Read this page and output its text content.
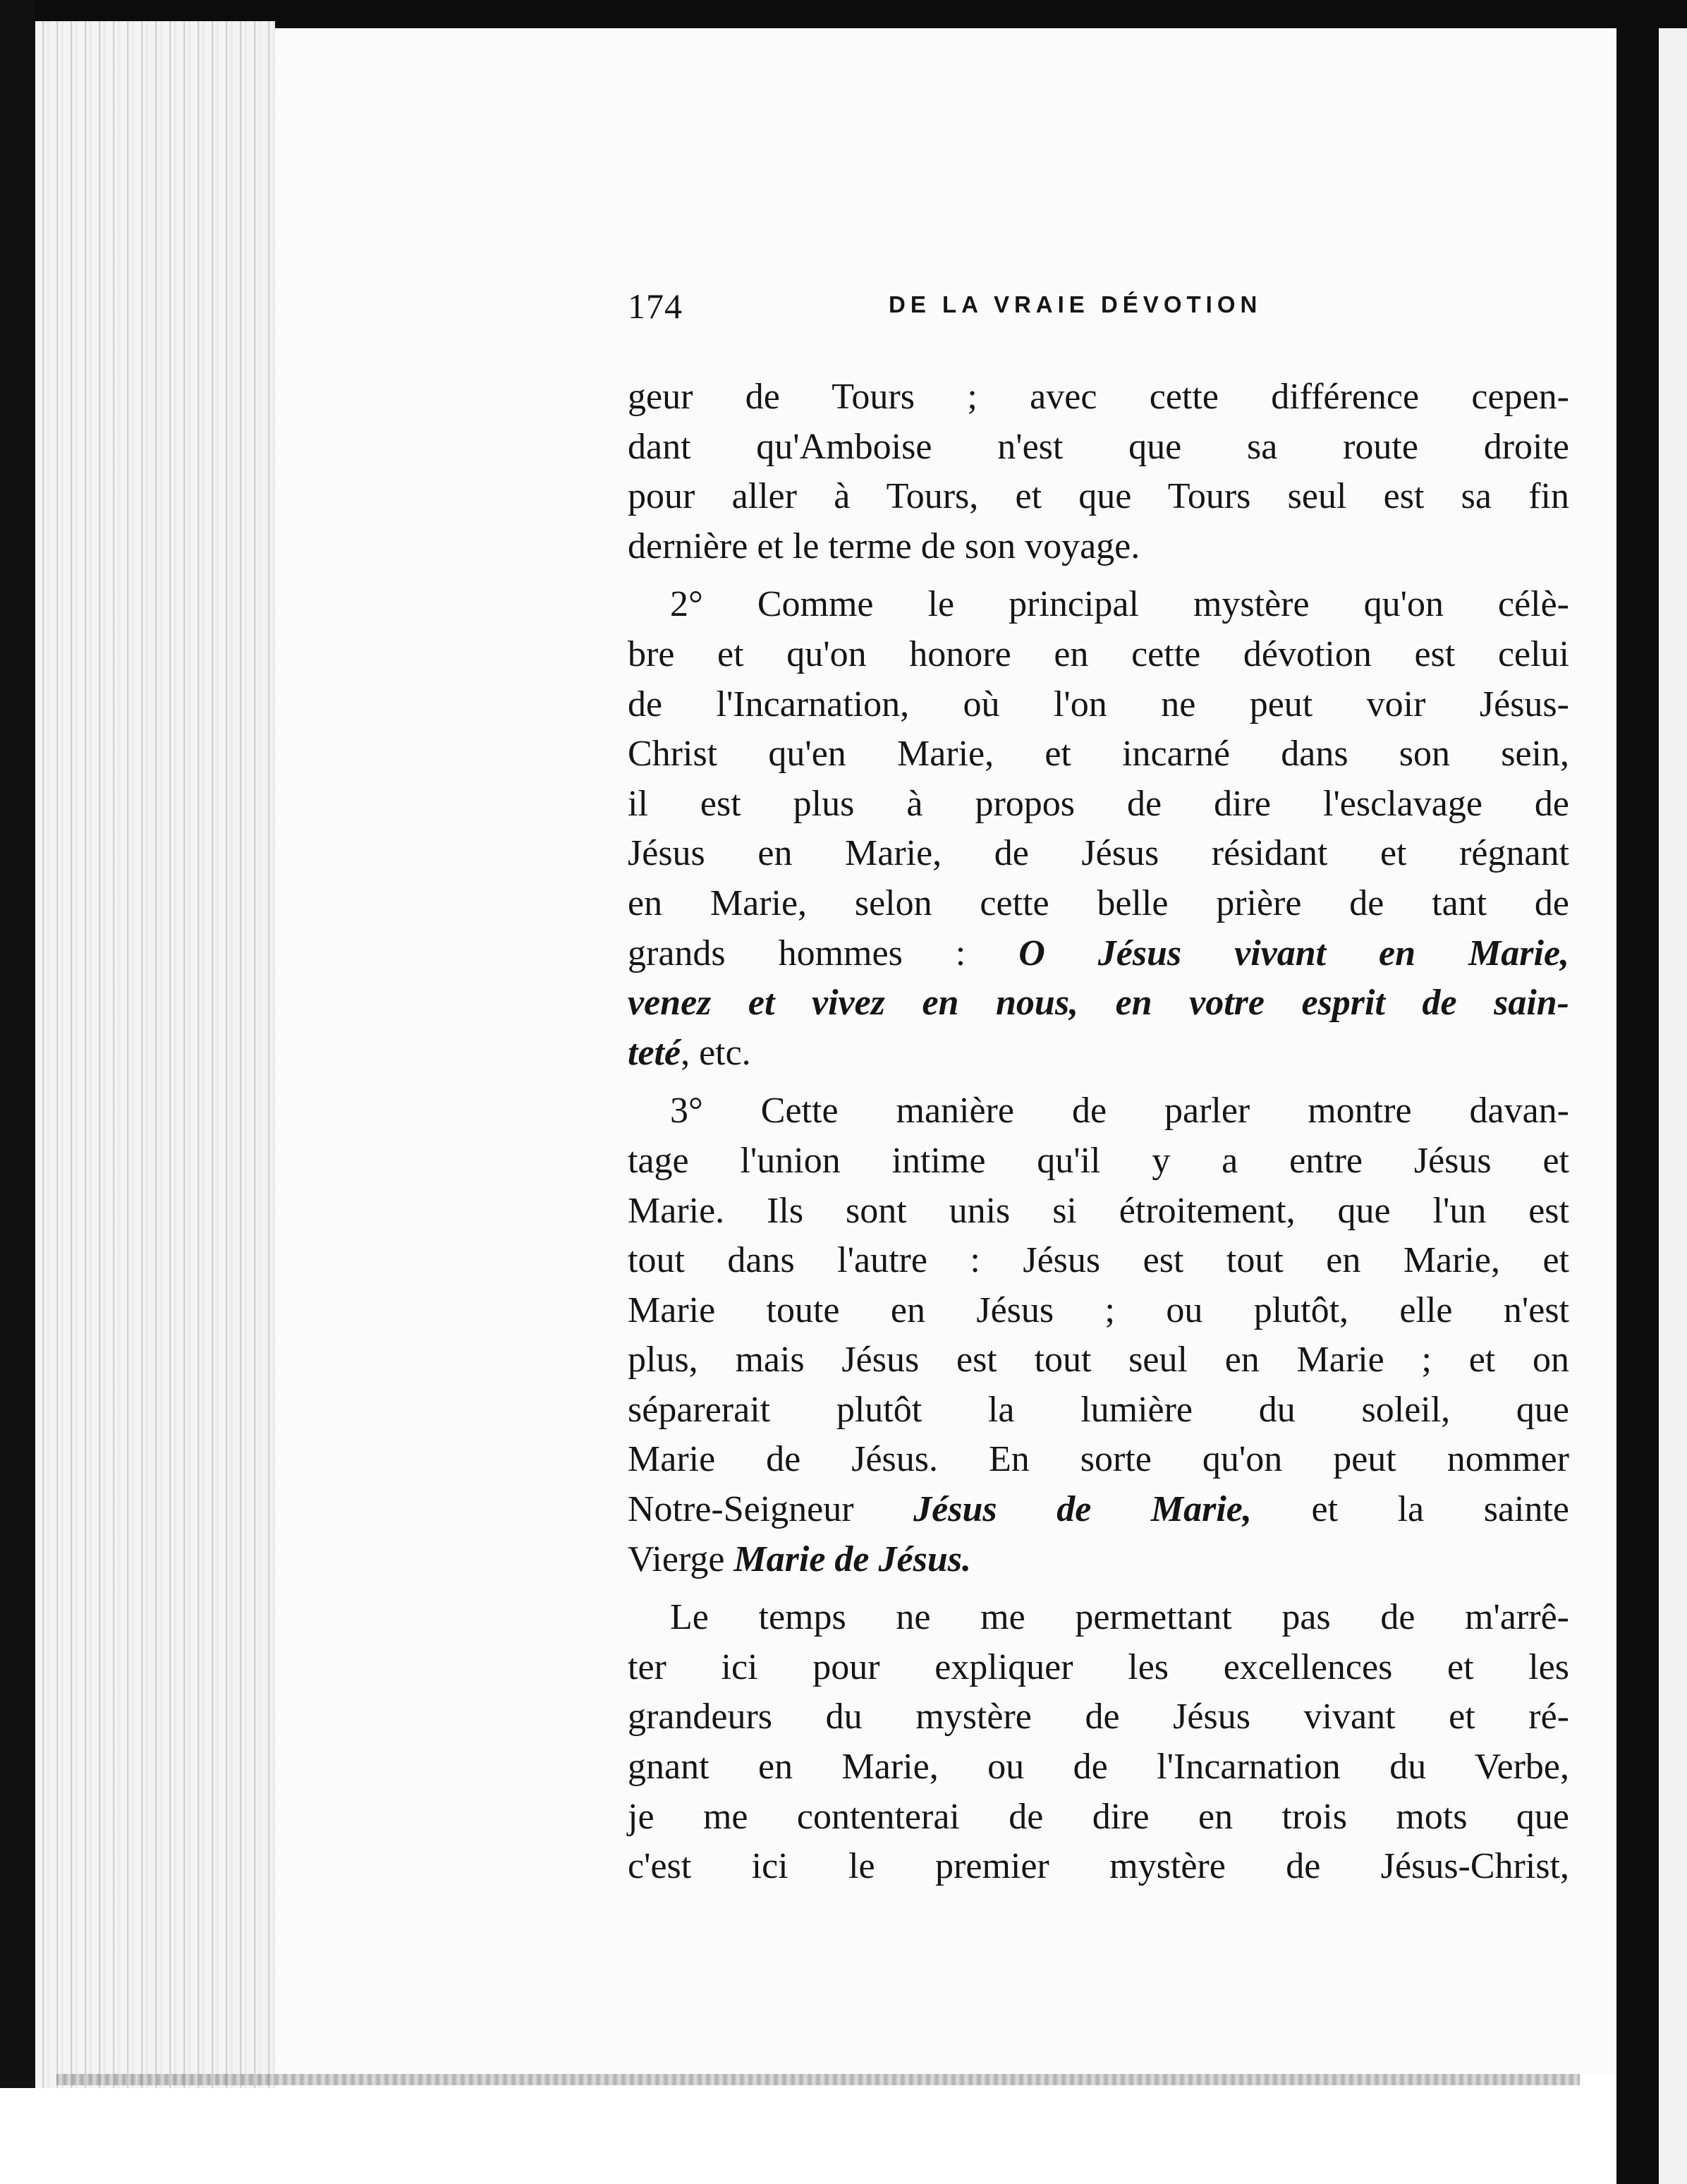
174	DE LA VRAIE DÉVOTION
geur de Tours ; avec cette différence cepen-
dant qu'Amboise n'est que sa route droite
pour aller à Tours, et que Tours seul est sa fin
dernière et le terme de son voyage.
2° Comme le principal mystère qu'on célè-
bre et qu'on honore en cette dévotion est celui
de l'Incarnation, où l'on ne peut voir Jésus-
Christ qu'en Marie, et incarné dans son sein,
il est plus à propos de dire l'esclavage de
Jésus en Marie, de Jésus résidant et régnant
en Marie, selon cette belle prière de tant de
grands hommes : O Jésus vivant en Marie,
venez et vivez en nous, en votre esprit de sain-
teté, etc.
3° Cette manière de parler montre davan-
tage l'union intime qu'il y a entre Jésus et
Marie. Ils sont unis si étroitement, que l'un est
tout dans l'autre : Jésus est tout en Marie, et
Marie toute en Jésus ; ou plutôt, elle n'est
plus, mais Jésus est tout seul en Marie ; et on
séparerait plutôt la lumière du soleil, que
Marie de Jésus. En sorte qu'on peut nommer
Notre-Seigneur Jésus de Marie, et la sainte
Vierge Marie de Jésus.
Le temps ne me permettant pas de m'arrê-
ter ici pour expliquer les excellences et les
grandeurs du mystère de Jésus vivant et ré-
gnant en Marie, ou de l'Incarnation du Verbe,
je me contenterai de dire en trois mots que
c'est ici le premier mystère de Jésus-Christ,
